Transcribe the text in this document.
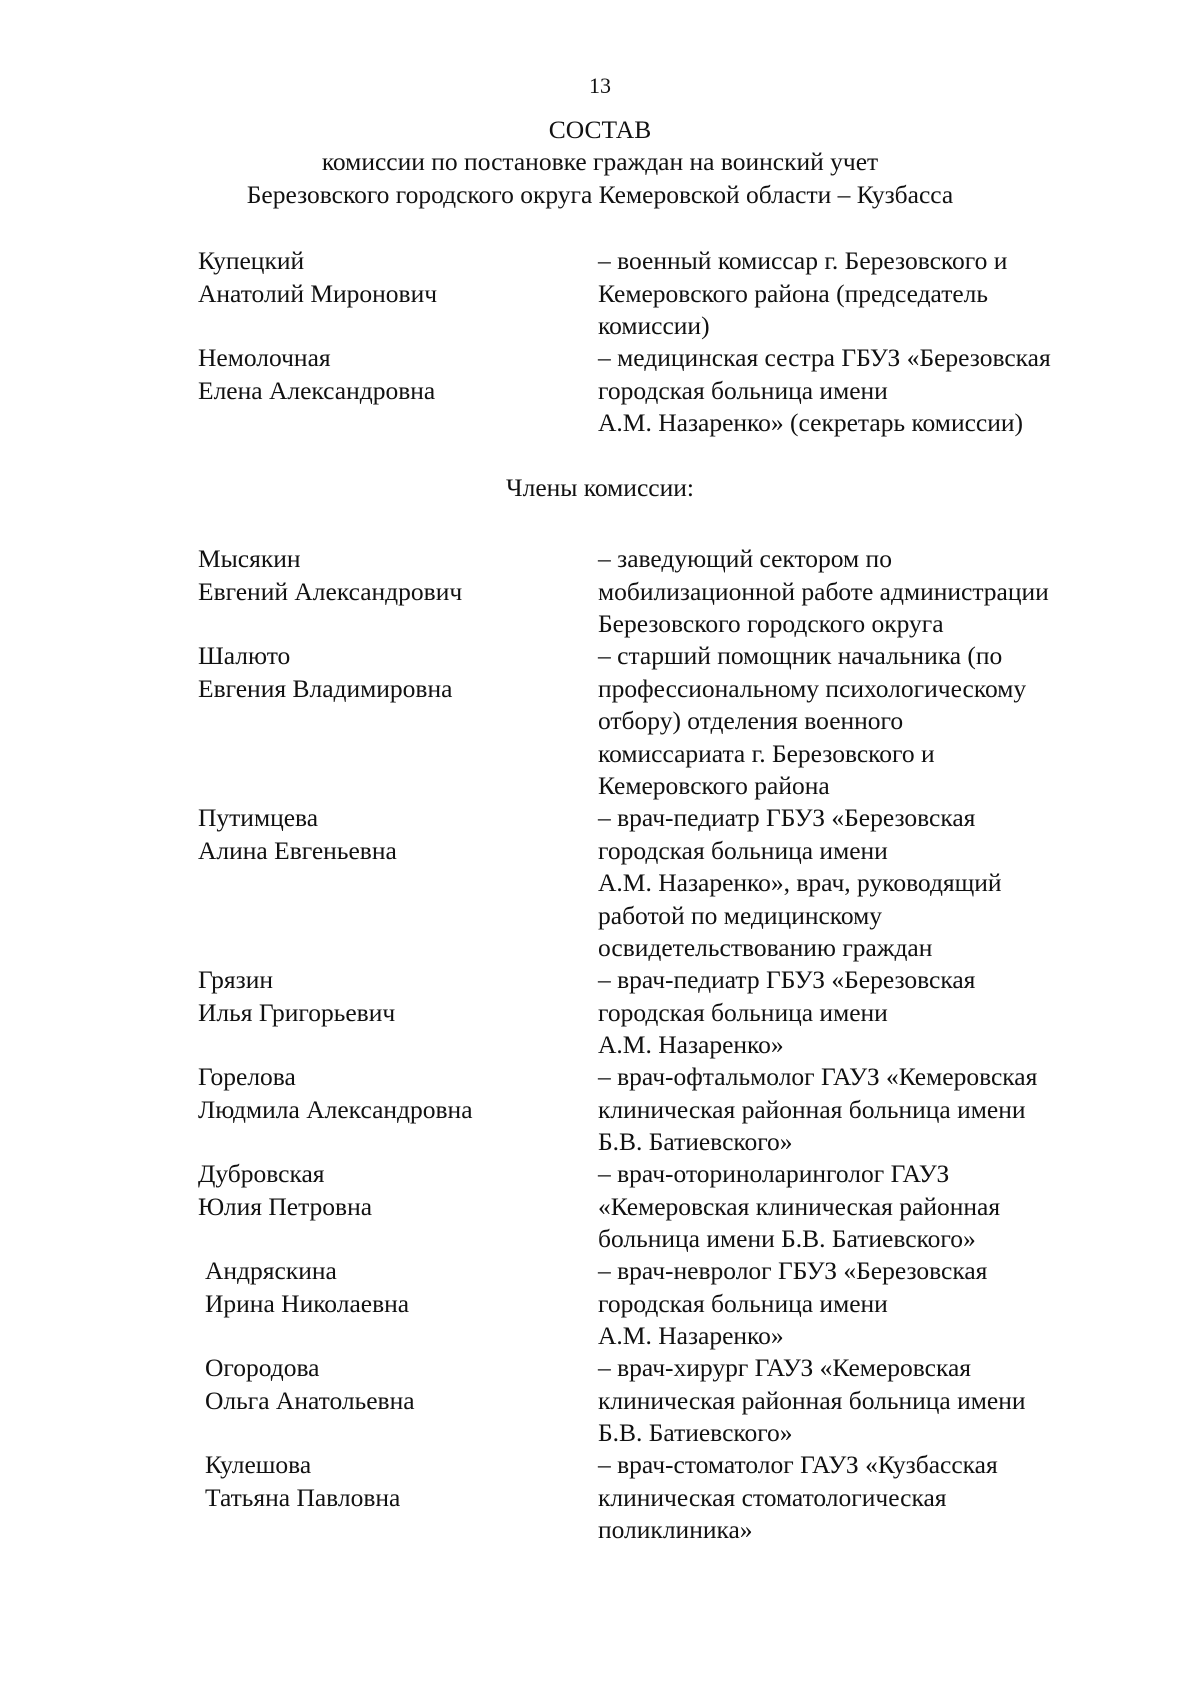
13
СОСТАВ
комиссии по постановке граждан на воинский учет
Березовского городского округа Кемеровской области – Кузбасса
Купецкий
Анатолий Миронович
– военный комиссар г. Березовского и
Кемеровского района (председатель
комиссии)
Немолочная
Елена Александровна
– медицинская сестра ГБУЗ «Березовская
городская больница имени
А.М. Назаренко» (секретарь комиссии)
Члены комиссии:
Мысякин
Евгений Александрович
– заведующий сектором по
мобилизационной работе администрации
Березовского городского округа
Шалюто
Евгения Владимировна
– старший помощник начальника (по
профессиональному психологическому
отбору) отделения военного
комиссариата г. Березовского и
Кемеровского района
Путимцева
Алина Евгеньевна
– врач-педиатр ГБУЗ «Березовская
городская больница имени
А.М. Назаренко», врач, руководящий
работой по медицинскому
освидетельствованию граждан
Грязин
Илья Григорьевич
– врач-педиатр ГБУЗ «Березовская
городская больница имени
А.М. Назаренко»
Горелова
Людмила Александровна
– врач-офтальмолог ГАУЗ «Кемеровская
клиническая районная больница имени
Б.В. Батиевского»
Дубровская
Юлия Петровна
– врач-оториноларинголог ГАУЗ
«Кемеровская клиническая районная
больница имени Б.В. Батиевского»
Андряскина
Ирина Николаевна
– врач-невролог ГБУЗ «Березовская
городская больница имени
А.М. Назаренко»
Огородова
Ольга Анатольевна
– врач-хирург ГАУЗ «Кемеровская
клиническая районная больница имени
Б.В. Батиевского»
Кулешова
Татьяна Павловна
– врач-стоматолог ГАУЗ «Кузбасская
клиническая стоматологическая
поликлиника»
